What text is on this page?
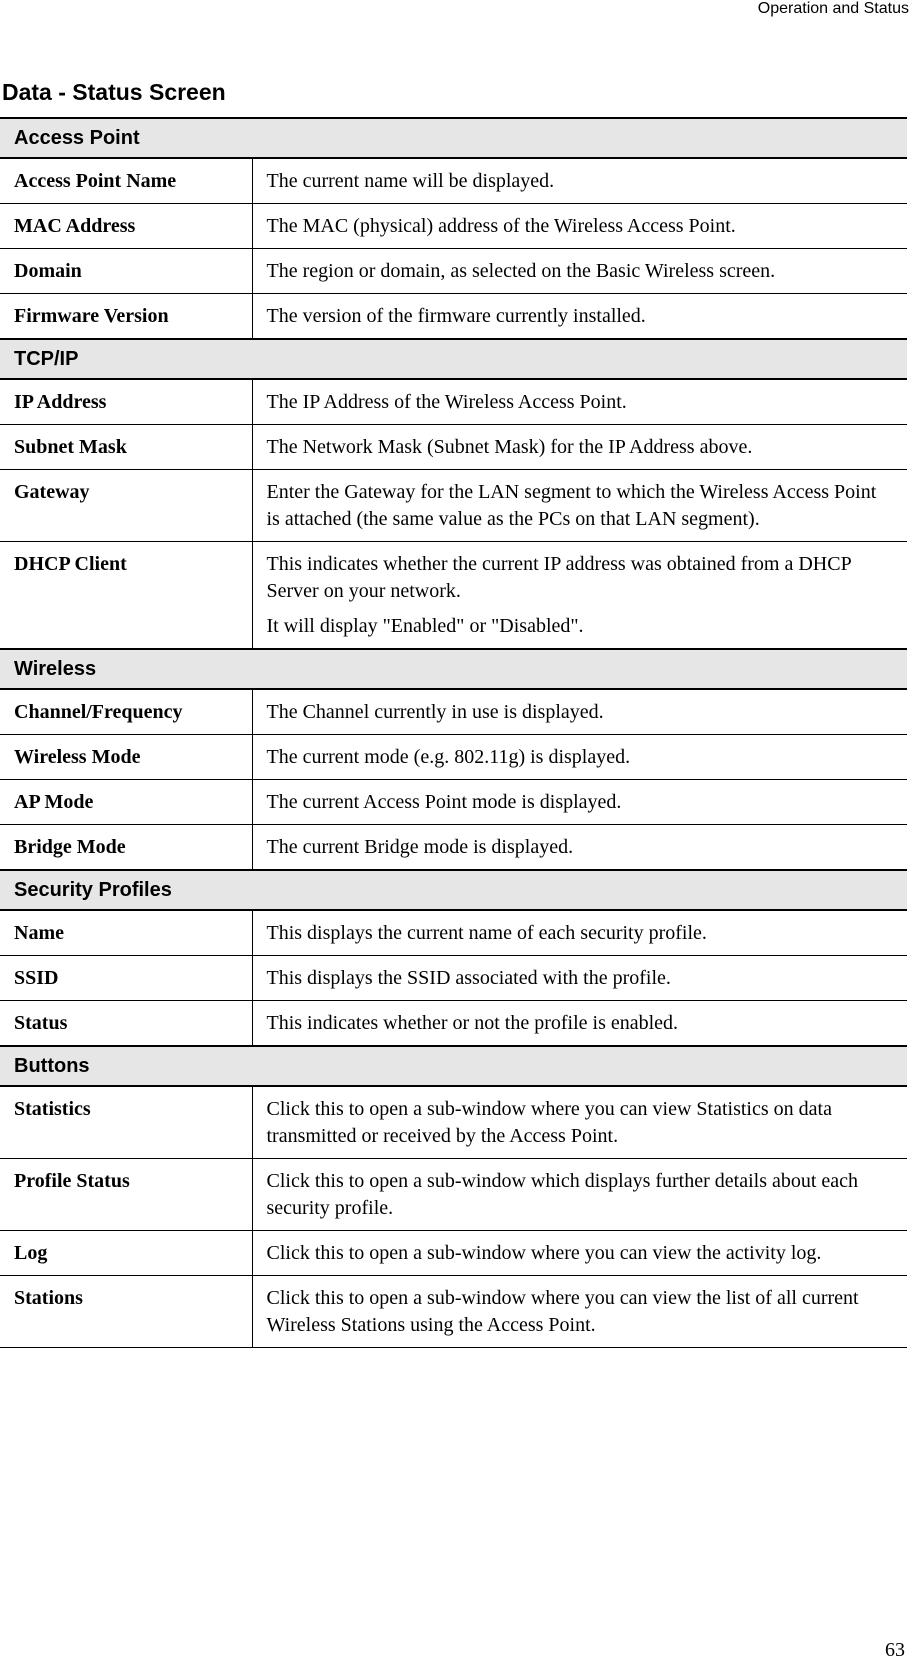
Operation and Status
Data - Status Screen
Access Point	
Access Point Name	The current name will be displayed.

MAC Address	The MAC (physical) address of the Wireless Access Point.

Domain	The region or domain, as selected on the Basic Wireless screen.

Firmware Version	The version of the firmware currently installed.

TCP/IP	
IP Address	The IP Address of the Wireless Access Point.

Subnet Mask	The Network Mask (Subnet Mask) for the IP Address above.

Gateway	Enter the Gateway for the LAN segment to which the Wireless Access Point is attached (the same value as the PCs on that LAN segment).

DHCP Client	This indicates whether the current IP address was obtained from a DHCP Server on your network.

It will display "Enabled" or "Disabled".

Wireless	
Channel/Frequency	The Channel currently in use is displayed.

Wireless Mode	The current mode (e.g. 802.11g) is displayed.

AP Mode	The current Access Point mode is displayed.

Bridge Mode	The current Bridge mode is displayed.

Security Profiles	
Name	This displays the current name of each security profile.

SSID	This displays the SSID associated with the profile.

Status	This indicates whether or not the profile is enabled.

Buttons	
Statistics	Click this to open a sub-window where you can view Statistics on data transmitted or received by the Access Point.

Profile Status	Click this to open a sub-window which displays further details about each security profile.

Log	Click this to open a sub-window where you can view the activity log.

Stations	Click this to open a sub-window where you can view the list of all current Wireless Stations using the Access Point.

63
